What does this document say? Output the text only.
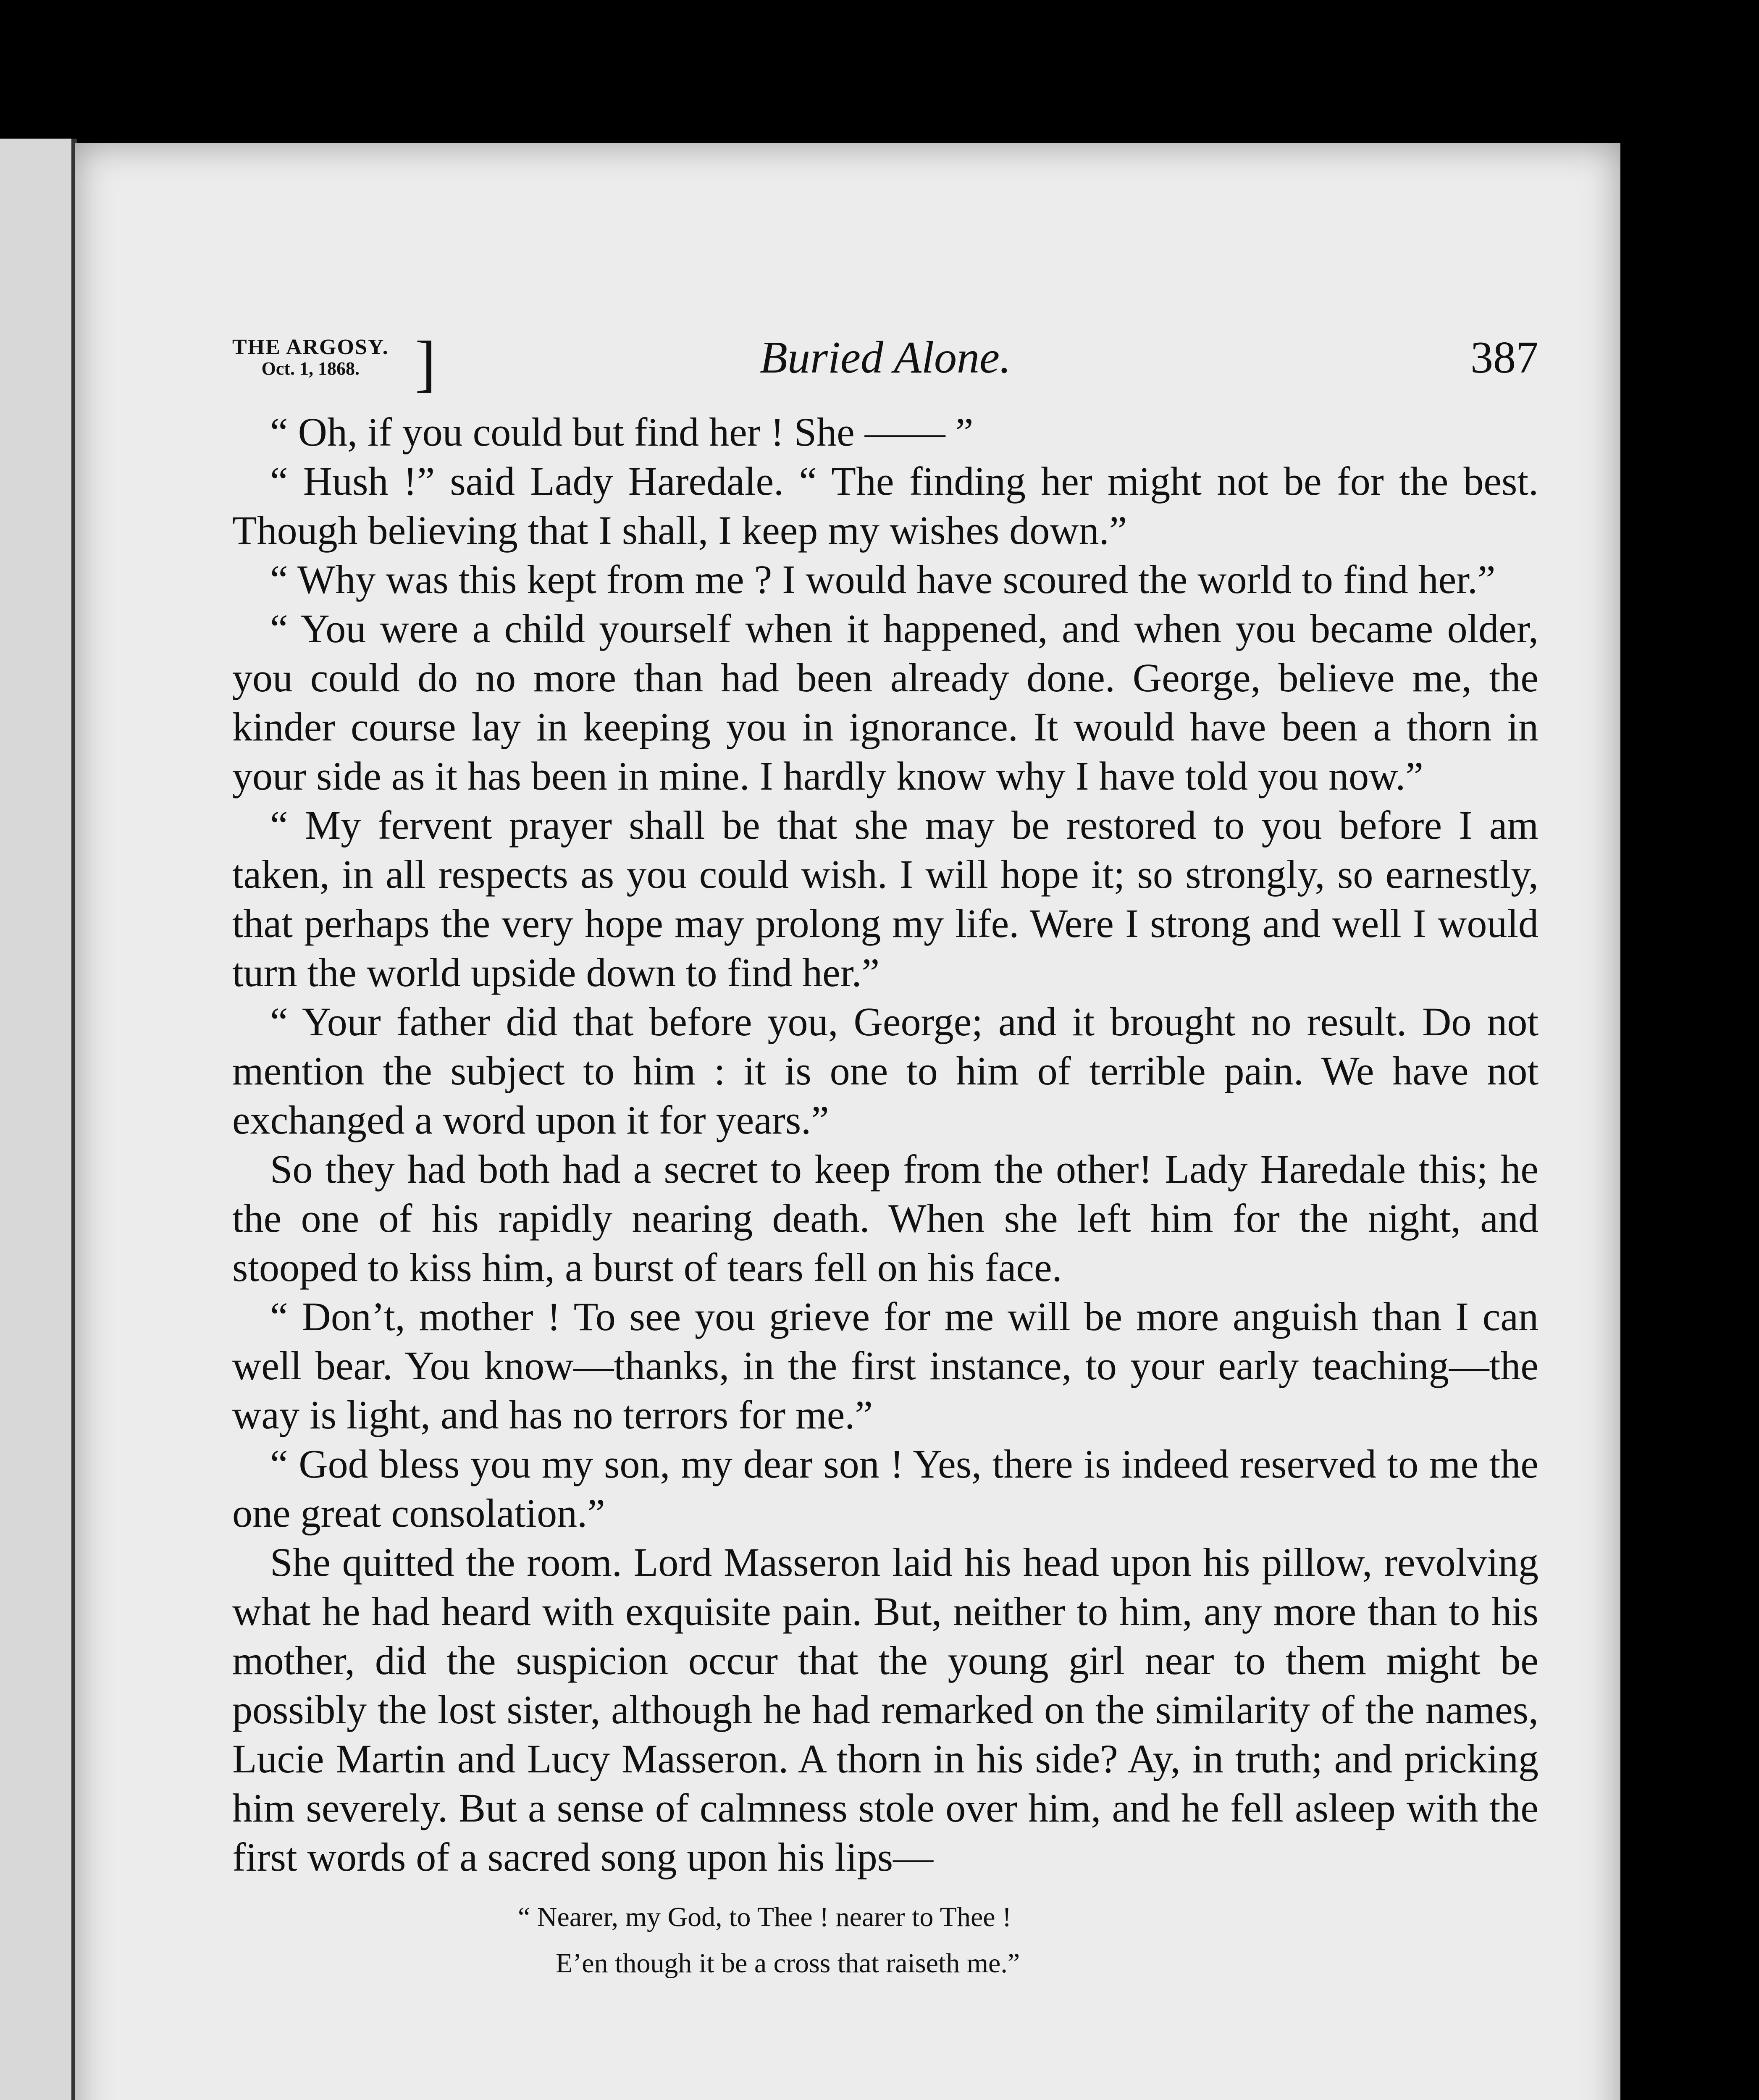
THE ARGOSY.
Oct. 1, 1868. ]	Buried Alone.	387

“ Oh, if you could but find her ! She —— ”

“ Hush !” said Lady Haredale. “ The finding her might not be for the best. Though believing that I shall, I keep my wishes down.”

“ Why was this kept from me ? I would have scoured the world to find her.”

“ You were a child yourself when it happened, and when you became older, you could do no more than had been already done. George, believe me, the kinder course lay in keeping you in ignorance. It would have been a thorn in your side as it has been in mine. I hardly know why I have told you now.”

“ My fervent prayer shall be that she may be restored to you before I am taken, in all respects as you could wish. I will hope it; so strongly, so earnestly, that perhaps the very hope may prolong my life. Were I strong and well I would turn the world upside down to find her.”

“ Your father did that before you, George; and it brought no result. Do not mention the subject to him : it is one to him of terrible pain. We have not exchanged a word upon it for years.”

So they had both had a secret to keep from the other! Lady Haredale this; he the one of his rapidly nearing death. When she left him for the night, and stooped to kiss him, a burst of tears fell on his face.

“ Don’t, mother ! To see you grieve for me will be more anguish than I can well bear. You know—thanks, in the first instance, to your early teaching—the way is light, and has no terrors for me.”

“ God bless you my son, my dear son ! Yes, there is indeed reserved to me the one great consolation.”

She quitted the room. Lord Masseron laid his head upon his pillow, revolving what he had heard with exquisite pain. But, neither to him, any more than to his mother, did the suspicion occur that the young girl near to them might be possibly the lost sister, although he had remarked on the similarity of the names, Lucie Martin and Lucy Masseron. A thorn in his side? Ay, in truth; and pricking him severely. But a sense of calmness stole over him, and he fell asleep with the first words of a sacred song upon his lips—

“ Nearer, my God, to Thee ! nearer to Thee !
E’en though it be a cross that raiseth me.”
